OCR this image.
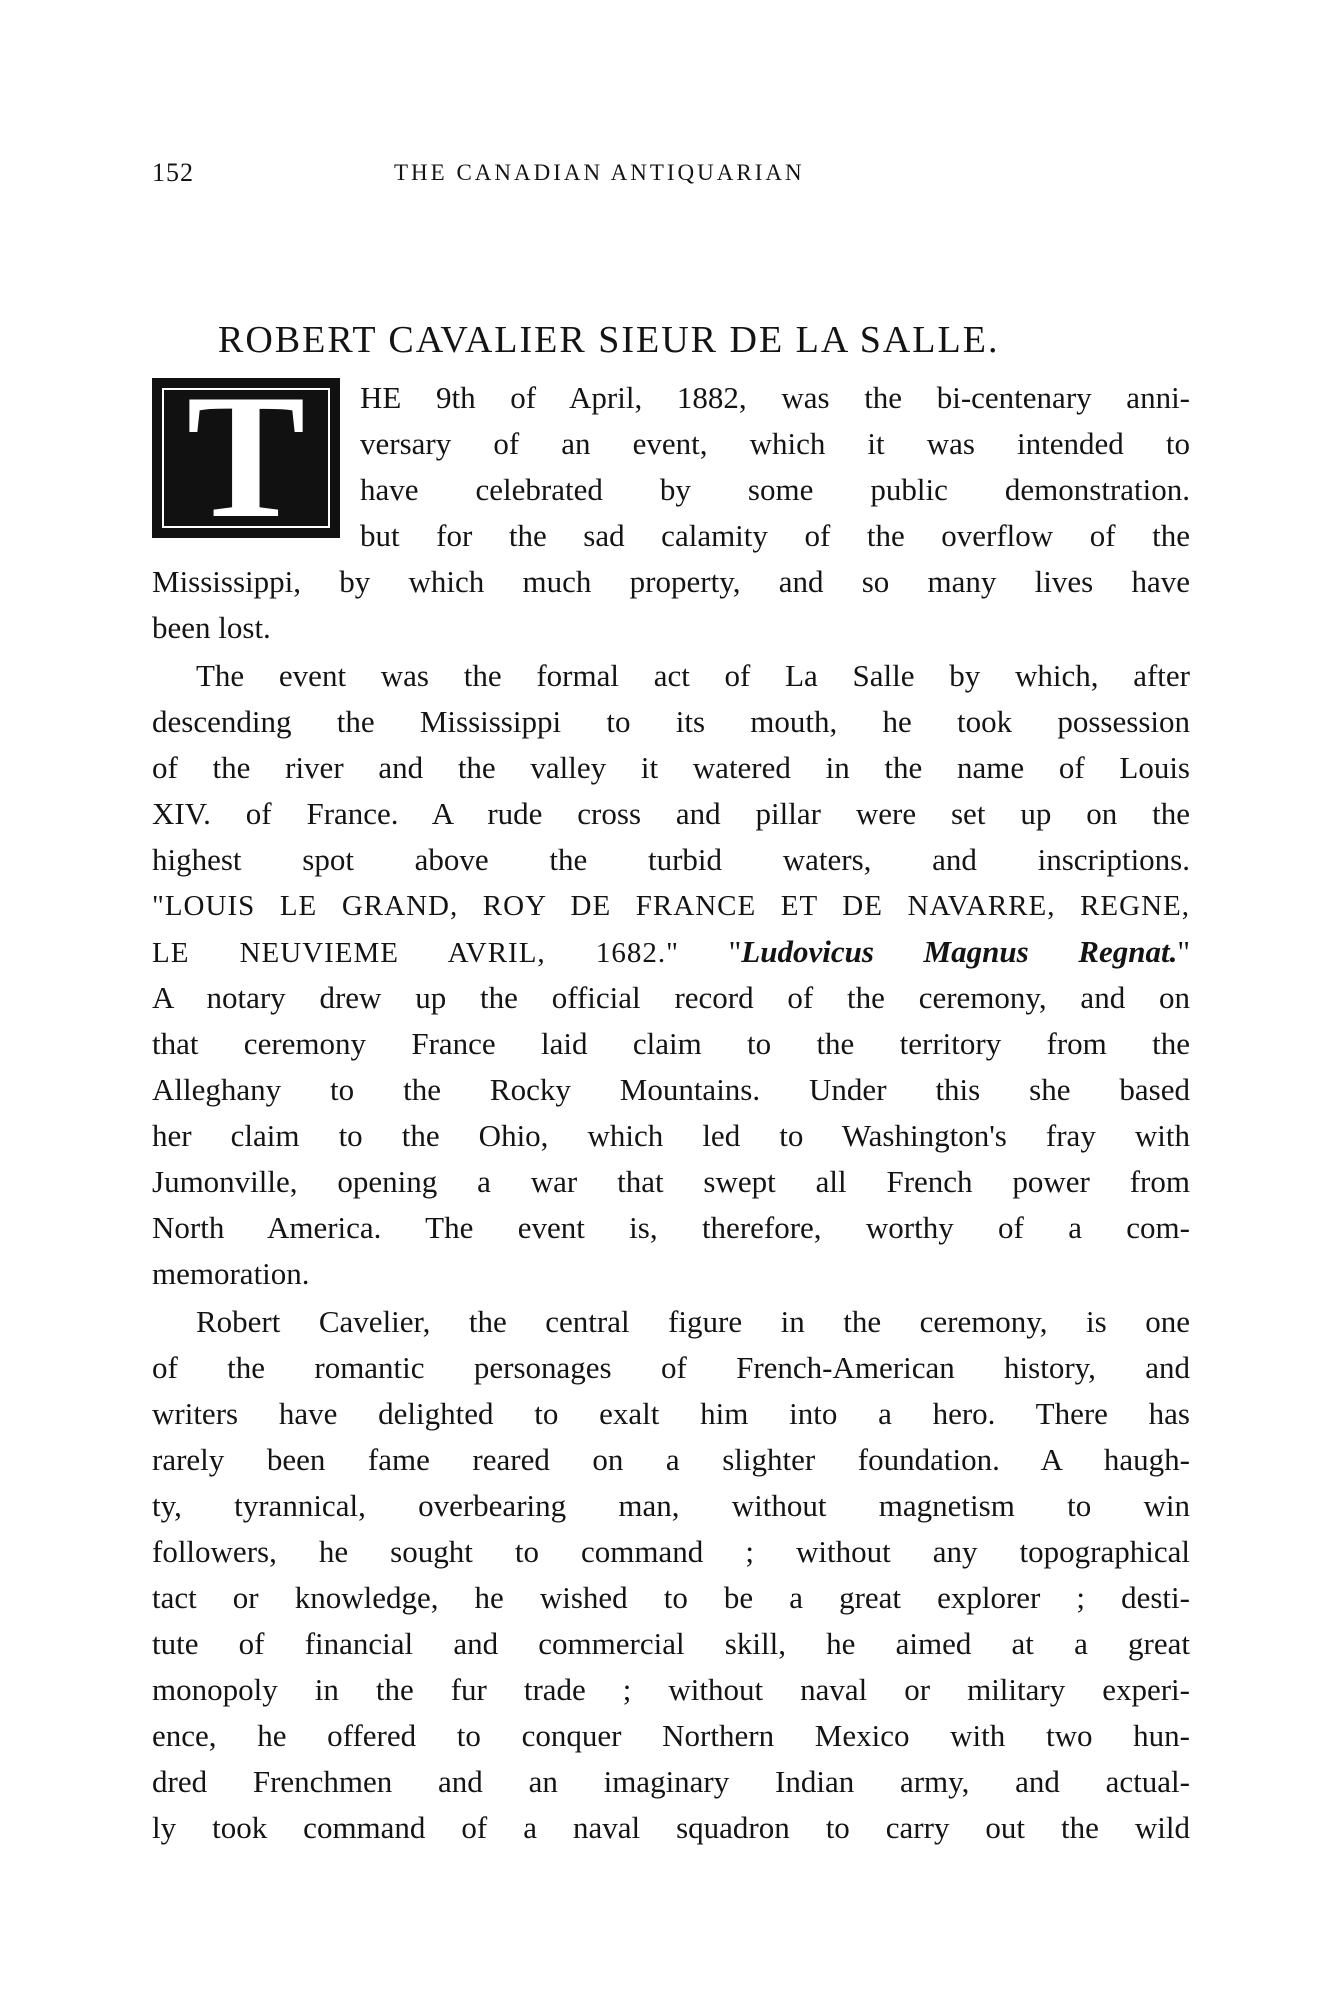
152	THE CANADIAN ANTIQUARIAN
ROBERT CAVALIER SIEUR DE LA SALLE.
T	HE 9th of April, 1882, was the bi-centenary anni-
versary of an event, which it was intended to
have celebrated by some public demonstration.
but for the sad calamity of the overflow of the
Mississippi, by which much property, and so many lives have
been lost.
The event was the formal act of La Salle by which, after
descending the Mississippi to its mouth, he took possession
of the river and the valley it watered in the name of Louis
XIV. of France. A rude cross and pillar were set up on the
highest spot above the turbid waters, and inscriptions.
"LOUIS LE GRAND, ROY DE FRANCE ET DE NAVARRE, REGNE,
LE NEUVIEME AVRIL, 1682." "Ludovicus Magnus Regnat."
A notary drew up the official record of the ceremony, and on
that ceremony France laid claim to the territory from the
Alleghany to the Rocky Mountains. Under this she based
her claim to the Ohio, which led to Washington's fray with
Jumonville, opening a war that swept all French power from
North America. The event is, therefore, worthy of a com-
memoration.
Robert Cavelier, the central figure in the ceremony, is one
of the romantic personages of French-American history, and
writers have delighted to exalt him into a hero. There has
rarely been fame reared on a slighter foundation. A haugh-
ty, tyrannical, overbearing man, without magnetism to win
followers, he sought to command ; without any topographical
tact or knowledge, he wished to be a great explorer ; desti-
tute of financial and commercial skill, he aimed at a great
monopoly in the fur trade ; without naval or military experi-
ence, he offered to conquer Northern Mexico with two hun-
dred Frenchmen and an imaginary Indian army, and actual-
ly took command of a naval squadron to carry out the wild
